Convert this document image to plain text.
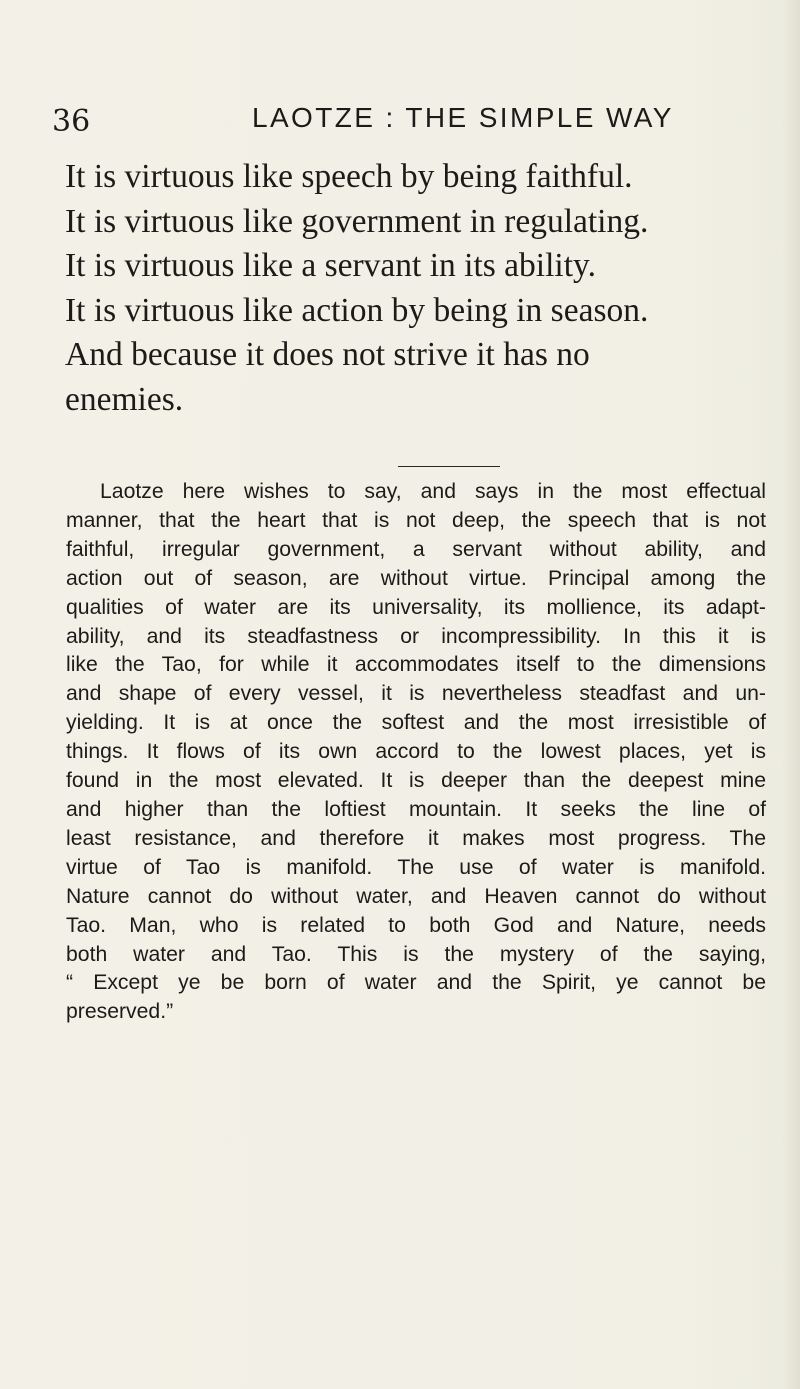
36	LAOTZE : THE SIMPLE WAY
It is virtuous like speech by being faithful.
It is virtuous like government in regulating.
It is virtuous like a servant in its ability.
It is virtuous like action by being in season.
And because it does not strive it has no
enemies.
Laotze here wishes to say, and says in the most effectual
manner, that the heart that is not deep, the speech that is not
faithful, irregular government, a servant without ability, and
action out of season, are without virtue. Principal among the
qualities of water are its universality, its mollience, its adapt-
ability, and its steadfastness or incompressibility. In this it is
like the Tao, for while it accommodates itself to the dimensions
and shape of every vessel, it is nevertheless steadfast and un-
yielding. It is at once the softest and the most irresistible of
things. It flows of its own accord to the lowest places, yet is
found in the most elevated. It is deeper than the deepest mine
and higher than the loftiest mountain. It seeks the line of
least resistance, and therefore it makes most progress. The
virtue of Tao is manifold. The use of water is manifold.
Nature cannot do without water, and Heaven cannot do without
Tao. Man, who is related to both God and Nature, needs
both water and Tao. This is the mystery of the saying,
“ Except ye be born of water and the Spirit, ye cannot be
preserved.”
